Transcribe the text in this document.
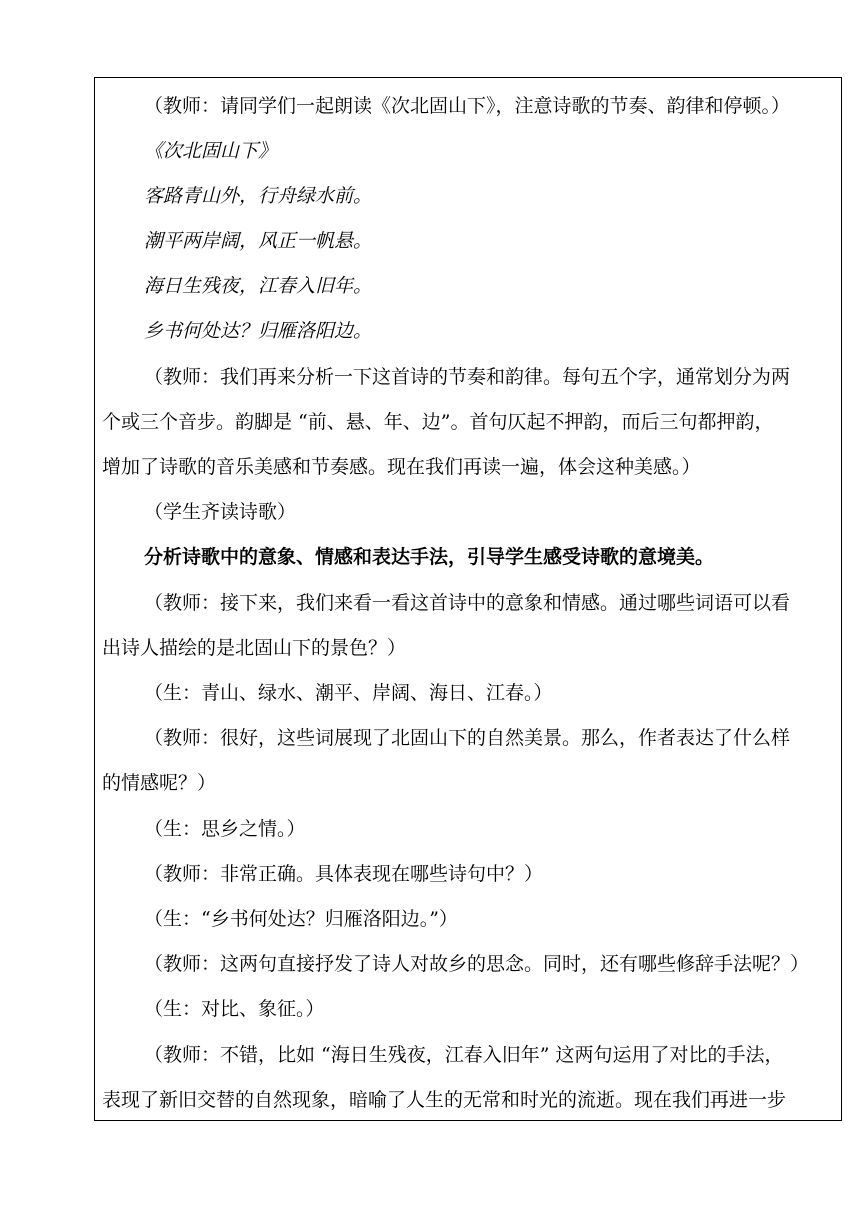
（教师：请同学们一起朗读《次北固山下》，注意诗歌的节奏、韵律和停顿。）
《次北固山下》
客路青山外，行舟绿水前。
潮平两岸阔，风正一帆悬。
海日生残夜，江春入旧年。
乡书何处达？归雁洛阳边。
（教师：我们再来分析一下这首诗的节奏和韵律。每句五个字，通常划分为两
个或三个音步。韵脚是 “前、悬、年、边”。首句仄起不押韵，而后三句都押韵，
增加了诗歌的音乐美感和节奏感。现在我们再读一遍，体会这种美感。）
（学生齐读诗歌）
分析诗歌中的意象、情感和表达手法，引导学生感受诗歌的意境美。
（教师：接下来，我们来看一看这首诗中的意象和情感。通过哪些词语可以看
出诗人描绘的是北固山下的景色？）
（生：青山、绿水、潮平、岸阔、海日、江春。）
（教师：很好，这些词展现了北固山下的自然美景。那么，作者表达了什么样
的情感呢？）
（生：思乡之情。）
（教师：非常正确。具体表现在哪些诗句中？）
（生：“乡书何处达？归雁洛阳边。”）
（教师：这两句直接抒发了诗人对故乡的思念。同时，还有哪些修辞手法呢？）
（生：对比、象征。）
（教师：不错，比如 “海日生残夜，江春入旧年” 这两句运用了对比的手法，
表现了新旧交替的自然现象，暗喻了人生的无常和时光的流逝。现在我们再进一步
